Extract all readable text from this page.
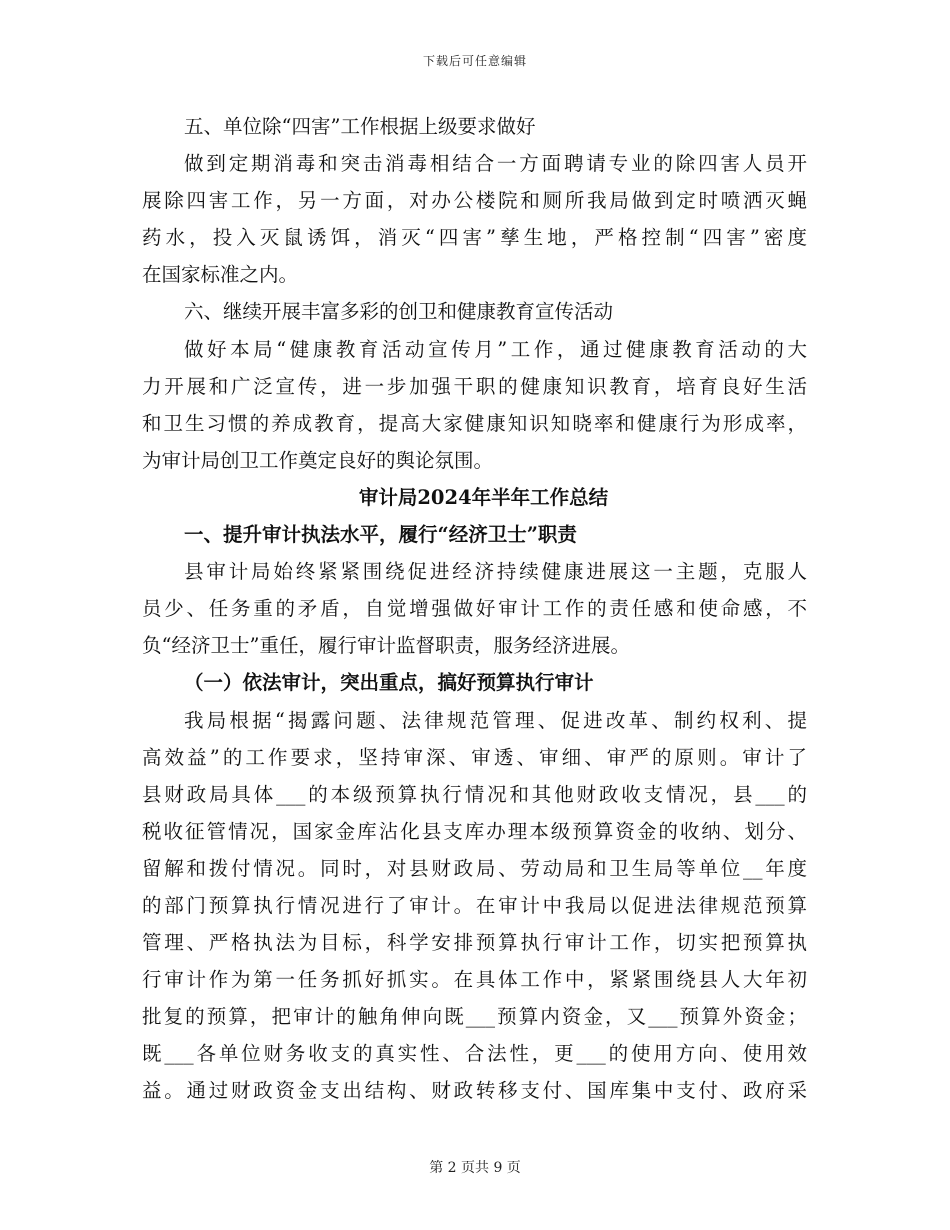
下载后可任意编辑
五、单位除“四害”工作根据上级要求做好
做到定期消毒和突击消毒相结合一方面聘请专业的除四害人员开
展除四害工作，另一方面，对办公楼院和厕所我局做到定时喷洒灭蝇
药水，投入灭鼠诱饵，消灭“四害”孳生地，严格控制“四害”密度
在国家标准之内。
六、继续开展丰富多彩的创卫和健康教育宣传活动
做好本局“健康教育活动宣传月”工作，通过健康教育活动的大
力开展和广泛宣传，进一步加强干职的健康知识教育，培育良好生活
和卫生习惯的养成教育，提高大家健康知识知晓率和健康行为形成率，
为审计局创卫工作奠定良好的舆论氛围。
审计局2024年半年工作总结
一、提升审计执法水平，履行“经济卫士”职责
县审计局始终紧紧围绕促进经济持续健康进展这一主题，克服人
员少、任务重的矛盾，自觉增强做好审计工作的责任感和使命感，不
负“经济卫士”重任，履行审计监督职责，服务经济进展。
（一）依法审计，突出重点，搞好预算执行审计
我局根据“揭露问题、法律规范管理、促进改革、制约权利、提
高效益”的工作要求，坚持审深、审透、审细、审严的原则。审计了
县财政局具体___的本级预算执行情况和其他财政收支情况，县___的
税收征管情况，国家金库沾化县支库办理本级预算资金的收纳、划分、
留解和拨付情况。同时，对县财政局、劳动局和卫生局等单位__年度
的部门预算执行情况进行了审计。在审计中我局以促进法律规范预算
管理、严格执法为目标，科学安排预算执行审计工作，切实把预算执
行审计作为第一任务抓好抓实。在具体工作中，紧紧围绕县人大年初
批复的预算，把审计的触角伸向既___预算内资金，又___预算外资金；
既___各单位财务收支的真实性、合法性，更___的使用方向、使用效
益。通过财政资金支出结构、财政转移支付、国库集中支付、政府采
第 2 页共 9 页
